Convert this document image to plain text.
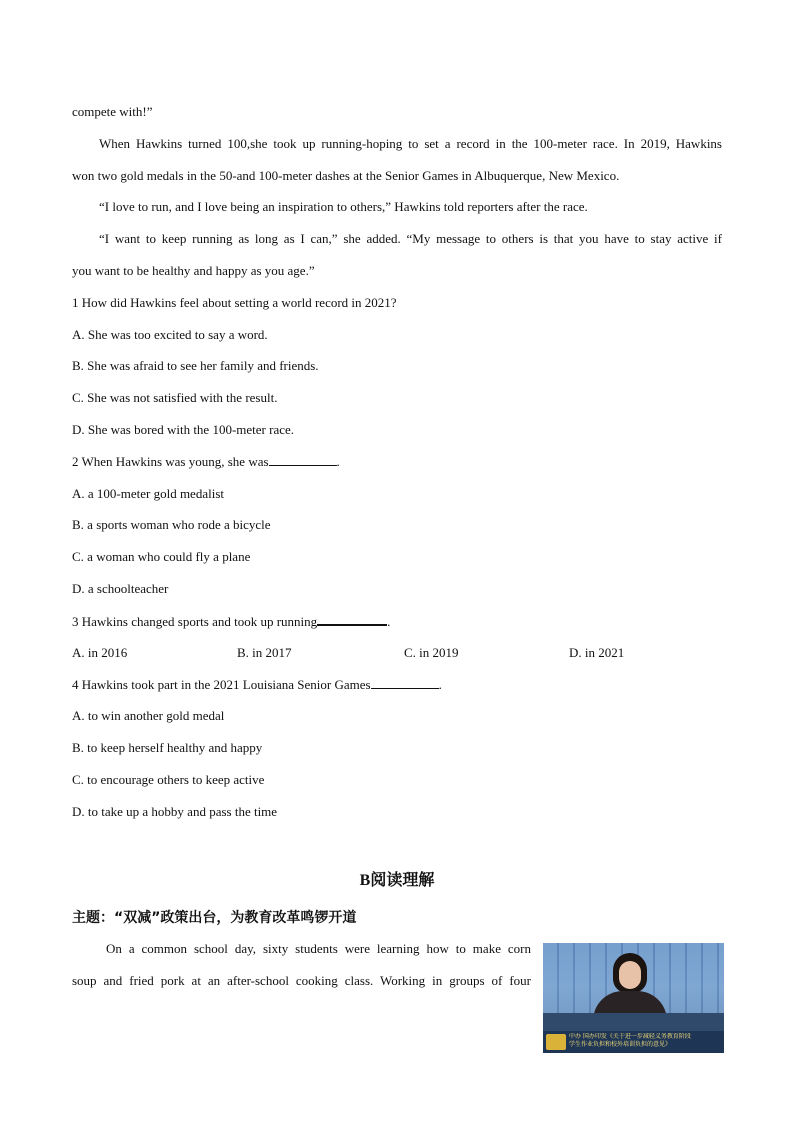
compete with!”
When Hawkins turned 100,she took up running-hoping to set a record in the 100-meter race. In 2019, Hawkins
won two gold medals in the 50-and 100-meter dashes at the Senior Games in Albuquerque, New Mexico.
“I love to run, and I love being an inspiration to others,” Hawkins told reporters after the race.
“I want to keep running as long as I can,” she added. “My message to others is that you have to stay active if
you want to be healthy and happy as you age.”
1 How did Hawkins feel about setting a world record in 2021?
A. She was too excited to say a word.
B. She was afraid to see her family and friends.
C. She was not satisfied with the result.
D. She was bored with the 100-meter race.
2 When Hawkins was young, she was	.
A. a 100-meter gold medalist
B. a sports woman who rode a bicycle
C. a woman who could fly a plane
D. a schoolteacher
3 Hawkins changed sports and took up running	.
A. in 2016	B. in 2017	C. in 2019	D. in 2021
4 Hawkins took part in the 2021 Louisiana Senior Games	.
A. to win another gold medal
B. to keep herself healthy and happy
C. to encourage others to keep active
D. to take up a hobby and pass the time
B阅读理解
主题：“双减”政策出台，为教育改革鸣锣开道
On a common school day, sixty students were learning how to make corn
soup and fried pork at an after-school cooking class. Working in groups of four
中办 国办印发《关于进一步减轻义务教育阶段
学生作业负担和校外培训负担的意见》
